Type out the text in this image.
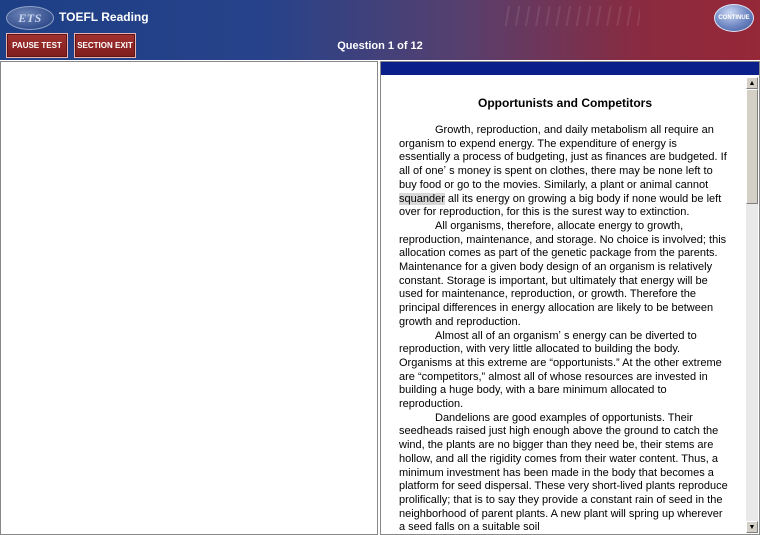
ETS TOEFL Reading
PAUSE TEST	SECTION EXIT	Question 1 of 12
CONTINUE
Opportunists and Competitors

Growth, reproduction, and daily metabolism all require an organism to expend energy. The expenditure of energy is essentially a process of budgeting, just as finances are budgeted. If all of oneʼ s money is spent on clothes, there may be none left to buy food or go to the movies. Similarly, a plant or animal cannot squander all its energy on growing a big body if none would be left over for reproduction, for this is the surest way to extinction.

All organisms, therefore, allocate energy to growth, reproduction, maintenance, and storage. No choice is involved; this allocation comes as part of the genetic package from the parents. Maintenance for a given body design of an organism is relatively constant. Storage is important, but ultimately that energy will be used for maintenance, reproduction, or growth. Therefore the principal differences in energy allocation are likely to be between growth and reproduction.

Almost all of an organismʼ s energy can be diverted to reproduction, with very little allocated to building the body. Organisms at this extreme are “opportunists.” At the other extreme are “competitors,” almost all of whose resources are invested in building a huge body, with a bare minimum allocated to reproduction.

Dandelions are good examples of opportunists. Their seedheads raised just high enough above the ground to catch the wind, the plants are no bigger than they need be, their stems are hollow, and all the rigidity comes from their water content. Thus, a minimum investment has been made in the body that becomes a platform for seed dispersal. These very short-lived plants reproduce prolifically; that is to say they provide a constant rain of seed in the neighborhood of parent plants. A new plant will spring up wherever a seed falls on a suitable soil

▲
▼
